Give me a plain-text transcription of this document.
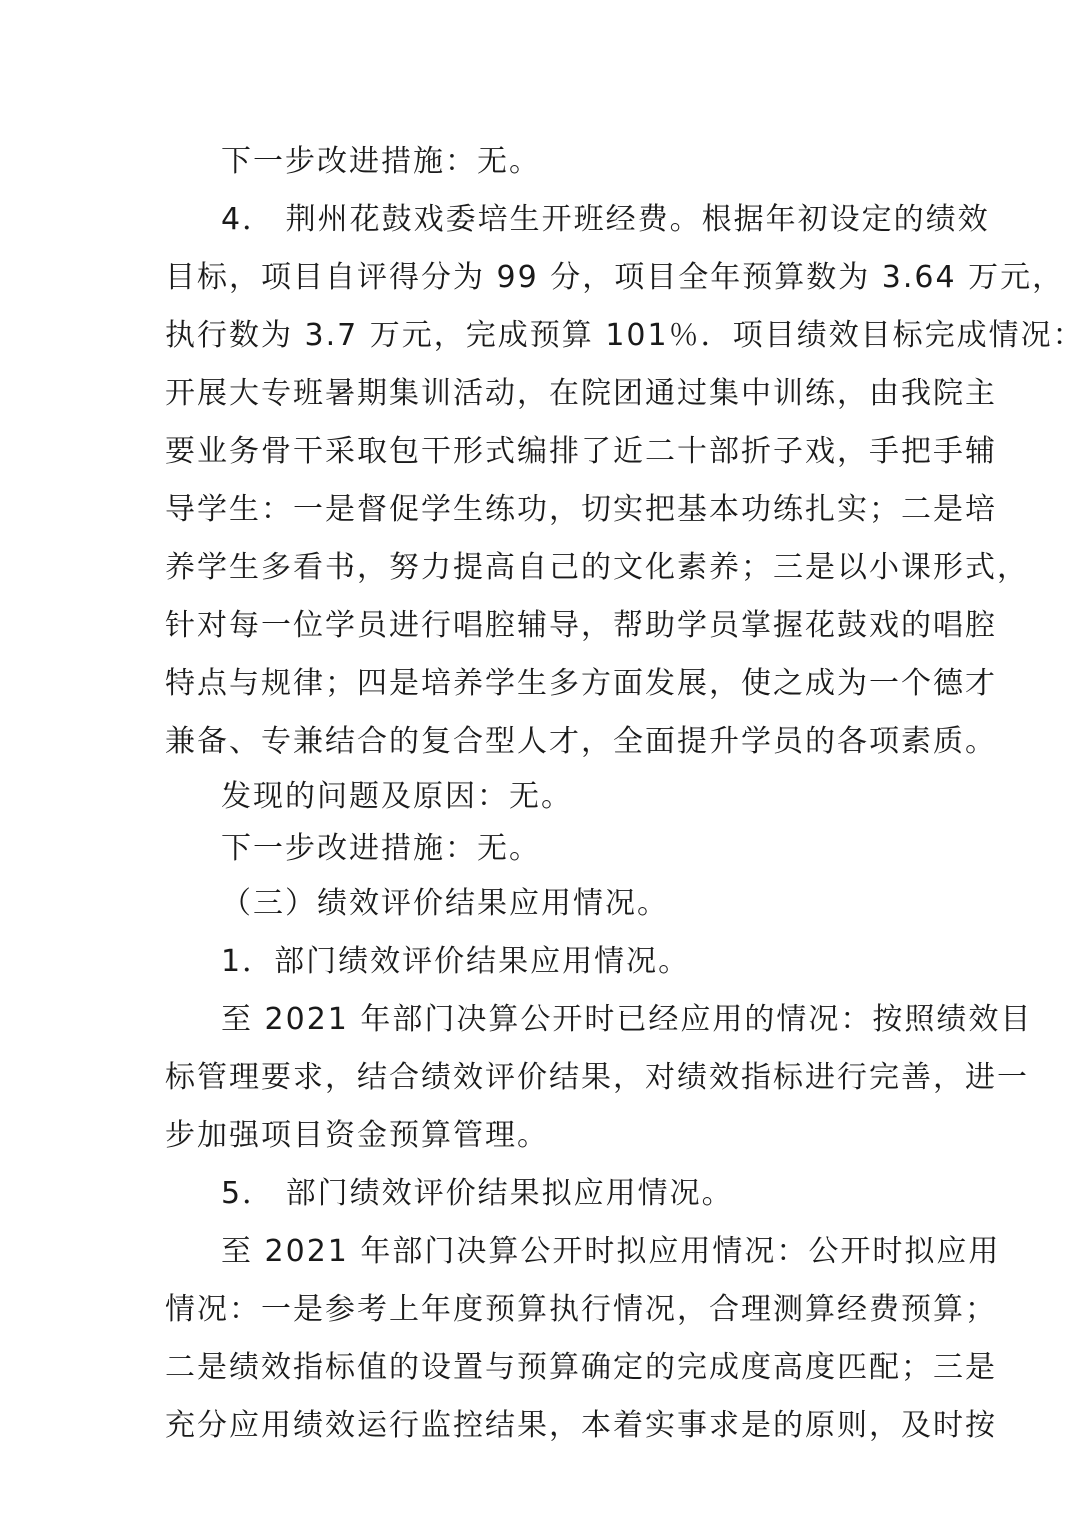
下一步改进措施：无。
4． 荆州花鼓戏委培生开班经费。根据年初设定的绩效
目标，项目自评得分为 99 分，项目全年预算数为 3.64 万元，
执行数为 3.7 万元，完成预算 101％．项目绩效目标完成情况：
开展大专班暑期集训活动，在院团通过集中训练，由我院主
要业务骨干采取包干形式编排了近二十部折子戏，手把手辅
导学生：一是督促学生练功，切实把基本功练扎实；二是培
养学生多看书，努力提高自己的文化素养；三是以小课形式，
针对每一位学员进行唱腔辅导，帮助学员掌握花鼓戏的唱腔
特点与规律；四是培养学生多方面发展，使之成为一个德才
兼备、专兼结合的复合型人才，全面提升学员的各项素质。
发现的问题及原因：无。
下一步改进措施：无。
（三）绩效评价结果应用情况。
1．部门绩效评价结果应用情况。
至 2021 年部门决算公开时已经应用的情况：按照绩效目
标管理要求，结合绩效评价结果，对绩效指标进行完善，进一
步加强项目资金预算管理。
5． 部门绩效评价结果拟应用情况。
至 2021 年部门决算公开时拟应用情况：公开时拟应用
情况：一是参考上年度预算执行情况，合理测算经费预算；
二是绩效指标值的设置与预算确定的完成度高度匹配；三是
充分应用绩效运行监控结果，本着实事求是的原则，及时按
